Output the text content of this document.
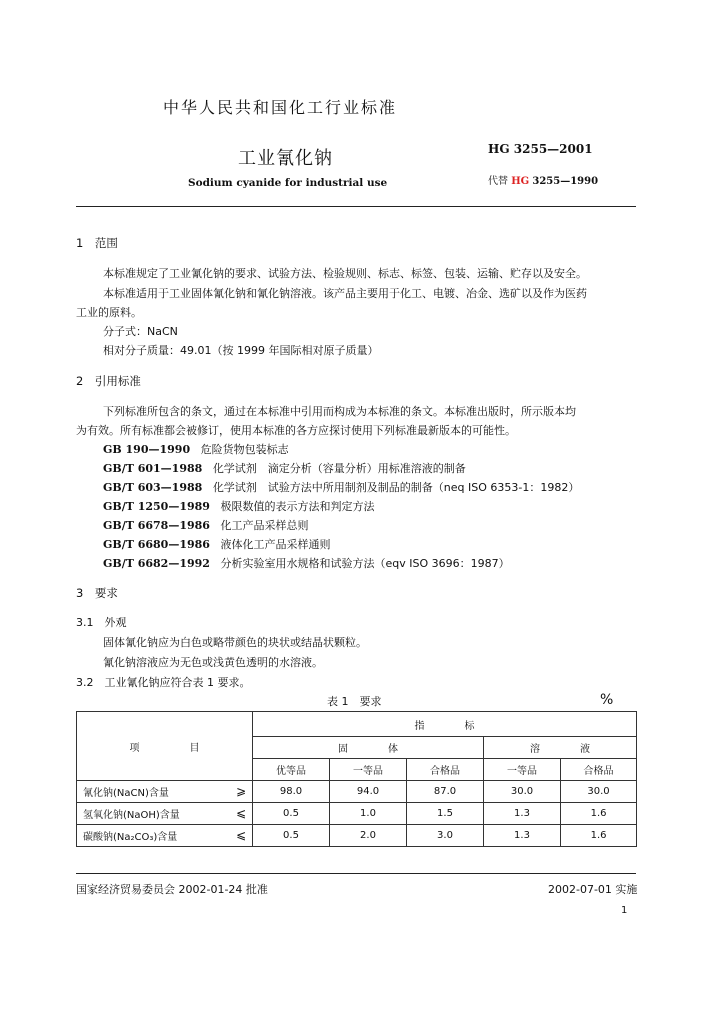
中华人民共和国化工行业标准
工业氰化钠
Sodium cyanide for industrial use
HG 3255—2001
代替 HG 3255—1990
1　范围
本标准规定了工业氰化钠的要求、试验方法、检验规则、标志、标签、包装、运输、贮存以及安全。
本标准适用于工业固体氰化钠和氰化钠溶液。该产品主要用于化工、电镀、冶金、选矿以及作为医药
工业的原料。
分子式：NaCN
相对分子质量：49.01（按 1999 年国际相对原子质量）
2　引用标准
下列标准所包含的条文，通过在本标准中引用而构成为本标准的条文。本标准出版时，所示版本均
为有效。所有标准都会被修订，使用本标准的各方应探讨使用下列标准最新版本的可能性。
GB 190—1990 危险货物包装标志
GB/T 601—1988 化学试剂　滴定分析（容量分析）用标准溶液的制备
GB/T 603—1988 化学试剂　试验方法中所用制剂及制品的制备（neq ISO 6353-1：1982）
GB/T 1250—1989 极限数值的表示方法和判定方法
GB/T 6678—1986 化工产品采样总则
GB/T 6680—1986 液体化工产品采样通则
GB/T 6682—1992 分析实验室用水规格和试验方法（eqv ISO 3696：1987）
3　要求
3.1　外观
固体氰化钠应为白色或略带颜色的块状或结晶状颗粒。
氰化钠溶液应为无色或浅黄色透明的水溶液。
3.2　工业氰化钠应符合表 1 要求。
表 1　要求	%
项　　　　　目	指　　　　标				
	固　　　　体			溶　　　　液	
	优等品	一等品	合格品	一等品	合格品
氰化钠(NaCN)含量 ⩾	98.0	94.0	87.0	30.0	30.0
氢氧化钠(NaOH)含量 ⩽	0.5	1.0	1.5	1.3	1.6
碳酸钠(Na₂CO₃)含量 ⩽	0.5	2.0	3.0	1.3	1.6
国家经济贸易委员会 2002-01-24 批准	2002-07-01 实施
1
